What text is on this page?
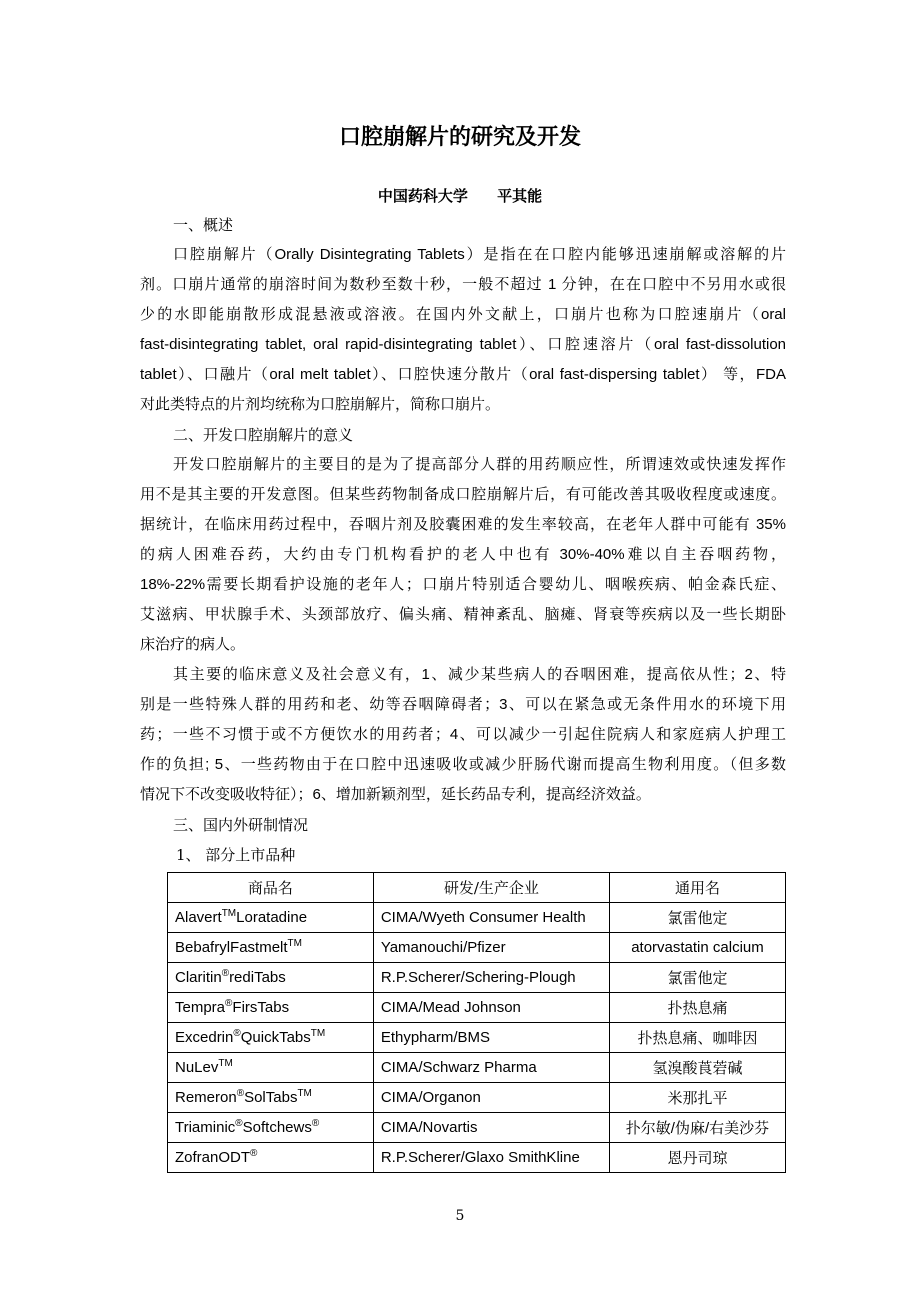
口腔崩解片的研究及开发
中国药科大学 平其能
一、概述
口腔崩解片（Orally Disintegrating Tablets）是指在在口腔内能够迅速崩解或溶解的片
剂。口崩片通常的崩溶时间为数秒至数十秒，一般不超过 1 分钟，在在口腔中不另用水或很
少的水即能崩散形成混悬液或溶液。在国内外文献上，口崩片也称为口腔速崩片（oral
fast-disintegrating tablet, oral rapid-disintegrating tablet）、口腔速溶片（oral fast-dissolution
tablet）、口融片（oral melt tablet）、口腔快速分散片（oral fast-dispersing tablet） 等，FDA
对此类特点的片剂均统称为口腔崩解片，简称口崩片。
二、开发口腔崩解片的意义
开发口腔崩解片的主要目的是为了提高部分人群的用药顺应性，所谓速效或快速发挥作
用不是其主要的开发意图。但某些药物制备成口腔崩解片后，有可能改善其吸收程度或速度。
据统计，在临床用药过程中，吞咽片剂及胶囊困难的发生率较高，在老年人群中可能有 35%
的病人困难吞药，大约由专门机构看护的老人中也有 30%-40%难以自主吞咽药物，
18%-22%需要长期看护设施的老年人；口崩片特别适合婴幼儿、咽喉疾病、帕金森氏症、
艾滋病、甲状腺手术、头颈部放疗、偏头痛、精神紊乱、脑瘫、肾衰等疾病以及一些长期卧
床治疗的病人。
其主要的临床意义及社会意义有，1、减少某些病人的吞咽困难，提高依从性；2、特
别是一些特殊人群的用药和老、幼等吞咽障碍者；3、可以在紧急或无条件用水的环境下用
药；一些不习惯于或不方便饮水的用药者；4、可以减少一引起住院病人和家庭病人护理工
作的负担; 5、一些药物由于在口腔中迅速吸收或减少肝肠代谢而提高生物利用度。（但多数
情况下不改变吸收特征）；6、增加新颖剂型，延长药品专利，提高经济效益。
三、国内外研制情况
1、 部分上市品种
商品名	研发/生产企业	通用名
Alavert™Loratadine	CIMA/Wyeth Consumer Health	氯雷他定
BebafrylFastmelt™	Yamanouchi/Pfizer	atorvastatin calcium
Claritin®rediTabs	R.P.Scherer/Schering-Plough	氯雷他定
Tempra®FirsTabs	CIMA/Mead Johnson	扑热息痛
Excedrin®QuickTabs™	Ethypharm/BMS	扑热息痛、咖啡因
NuLev™	CIMA/Schwarz Pharma	氢溴酸莨菪碱
Remeron®SolTabs™	CIMA/Organon	米那扎平
Triaminic®Softchews®	CIMA/Novartis	扑尔敏/伪麻/右美沙芬
ZofranODT®	R.P.Scherer/Glaxo SmithKline	恩丹司琼
5
